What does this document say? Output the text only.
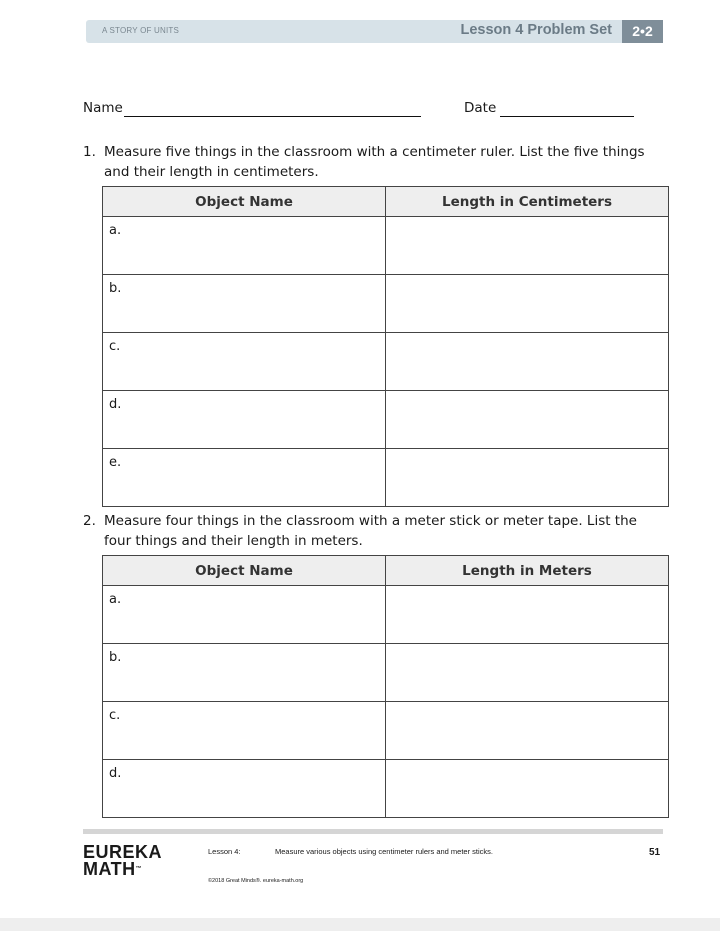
A STORY OF UNITS	Lesson 4 Problem Set	2•2
Name	Date
1. Measure five things in the classroom with a centimeter ruler. List the five things and their length in centimeters.
Object Name	Length in Centimeters
a.	
b.	
c.	
d.	
e.	
2. Measure four things in the classroom with a meter stick or meter tape. List the four things and their length in meters.
Object Name	Length in Meters
a.	
b.	
c.	
d.	
EUREKA
MATH™
Lesson 4:	Measure various objects using centimeter rulers and meter sticks.	51
©2018 Great Minds®. eureka-math.org
